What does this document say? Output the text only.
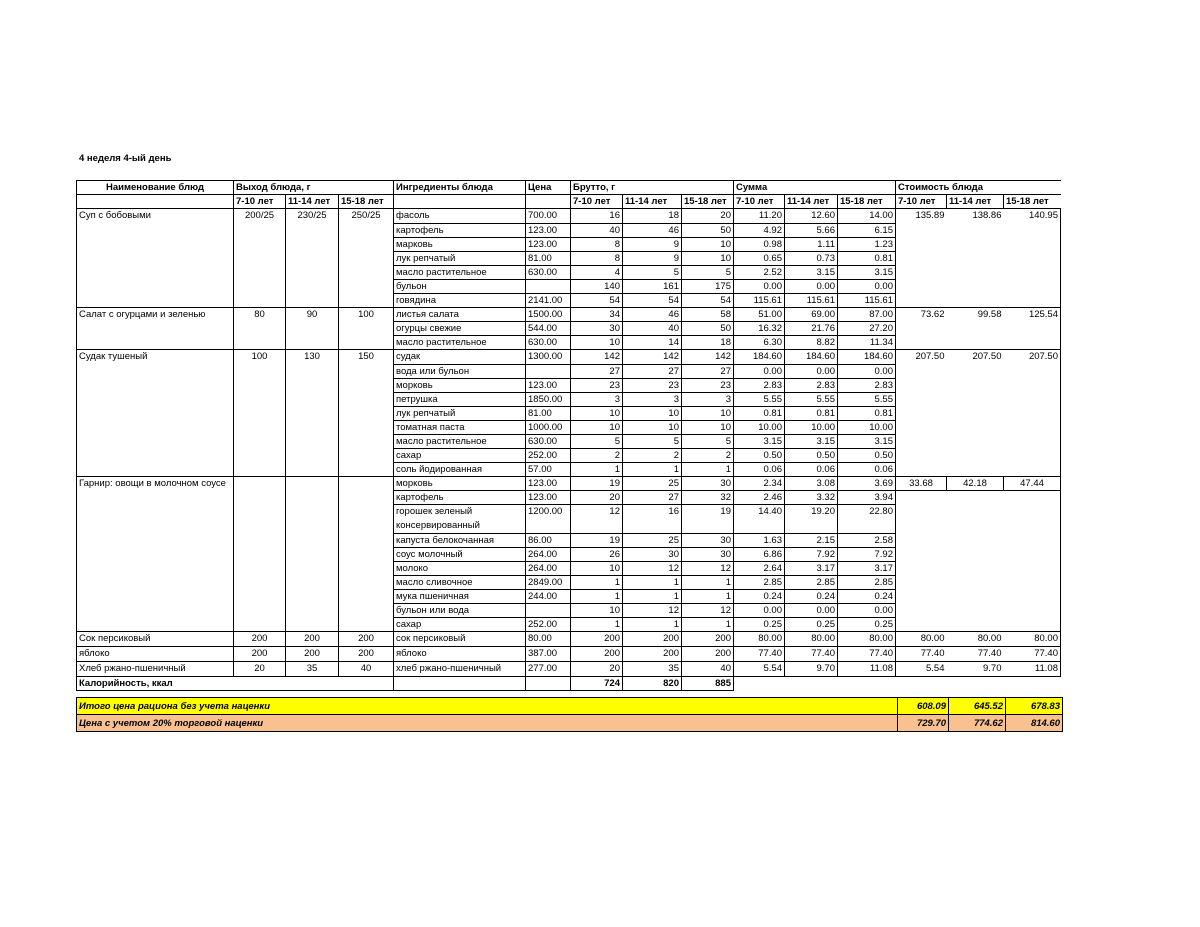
4 неделя 4-ый день
Наименование блюд	Выход блюда, г			Ингредиенты блюда	Цена	Брутто, г			Сумма			Стоимость блюда		
	7-10 лет	11-14 лет	15-18 лет			7-10 лет	11-14 лет	15-18 лет	7-10 лет	11-14 лет	15-18 лет	7-10 лет	11-14 лет	15-18 лет
Суп с бобовыми	200/25	230/25	250/25	фасоль	700.00	16	18	20	11.20	12.60	14.00	135.89	138.86	140.95
				картофель	123.00	40	46	50	4.92	5.66	6.15			
				марковь	123.00	8	9	10	0.98	1.11	1.23			
				лук репчатый	81.00	8	9	10	0.65	0.73	0.81			
				масло растительное	630.00	4	5	5	2.52	3.15	3.15			
				бульон		140	161	175	0.00	0.00	0.00			
				говядина	2141.00	54	54	54	115.61	115.61	115.61			
Салат с огурцами и зеленью	80	90	100	листья салата	1500.00	34	46	58	51.00	69.00	87.00	73.62	99.58	125.54
				огурцы свежие	544.00	30	40	50	16.32	21.76	27.20			
				масло растительное	630.00	10	14	18	6.30	8.82	11.34			
Судак тушеный	100	130	150	судак	1300.00	142	142	142	184.60	184.60	184.60	207.50	207.50	207.50
				вода или бульон		27	27	27	0.00	0.00	0.00			
				морковь	123.00	23	23	23	2.83	2.83	2.83			
				петрушка	1850.00	3	3	3	5.55	5.55	5.55			
				лук репчатый	81.00	10	10	10	0.81	0.81	0.81			
				томатная паста	1000.00	10	10	10	10.00	10.00	10.00			
				масло растительное	630.00	5	5	5	3.15	3.15	3.15			
				сахар	252.00	2	2	2	0.50	0.50	0.50			
				соль йодированная	57.00	1	1	1	0.06	0.06	0.06			
Гарнир: овощи в молочном соусе				морковь	123.00	19	25	30	2.34	3.08	3.69	33.68	42.18	47.44
				картофель	123.00	20	27	32	2.46	3.32	3.94			
				горошек зеленый консервированный	1200.00	12	16	19	14.40	19.20	22.80			
				капуста белокочанная	86.00	19	25	30	1.63	2.15	2.58			
				соус молочный	264.00	26	30	30	6.86	7.92	7.92			
				молоко	264.00	10	12	12	2.64	3.17	3.17			
				масло сливочное	2849.00	1	1	1	2.85	2.85	2.85			
				мука пшеничная	244.00	1	1	1	0.24	0.24	0.24			
				бульон или вода		10	12	12	0.00	0.00	0.00			
				сахар	252.00	1	1	1	0.25	0.25	0.25			
Сок персиковый	200	200	200	сок персиковый	80.00	200	200	200	80.00	80.00	80.00	80.00	80.00	80.00
яблоко	200	200	200	яблоко	387.00	200	200	200	77.40	77.40	77.40	77.40	77.40	77.40
Хлеб ржано-пшеничный	20	35	40	хлеб ржано-пшеничный	277.00	20	35	40	5.54	9.70	11.08	5.54	9.70	11.08
Калорийность, ккал						724	820	885						
Итого цена рациона без учета наценки	608.09	645.52	678.83
Цена с учетом 20% торговой наценки	729.70	774.62	814.60
